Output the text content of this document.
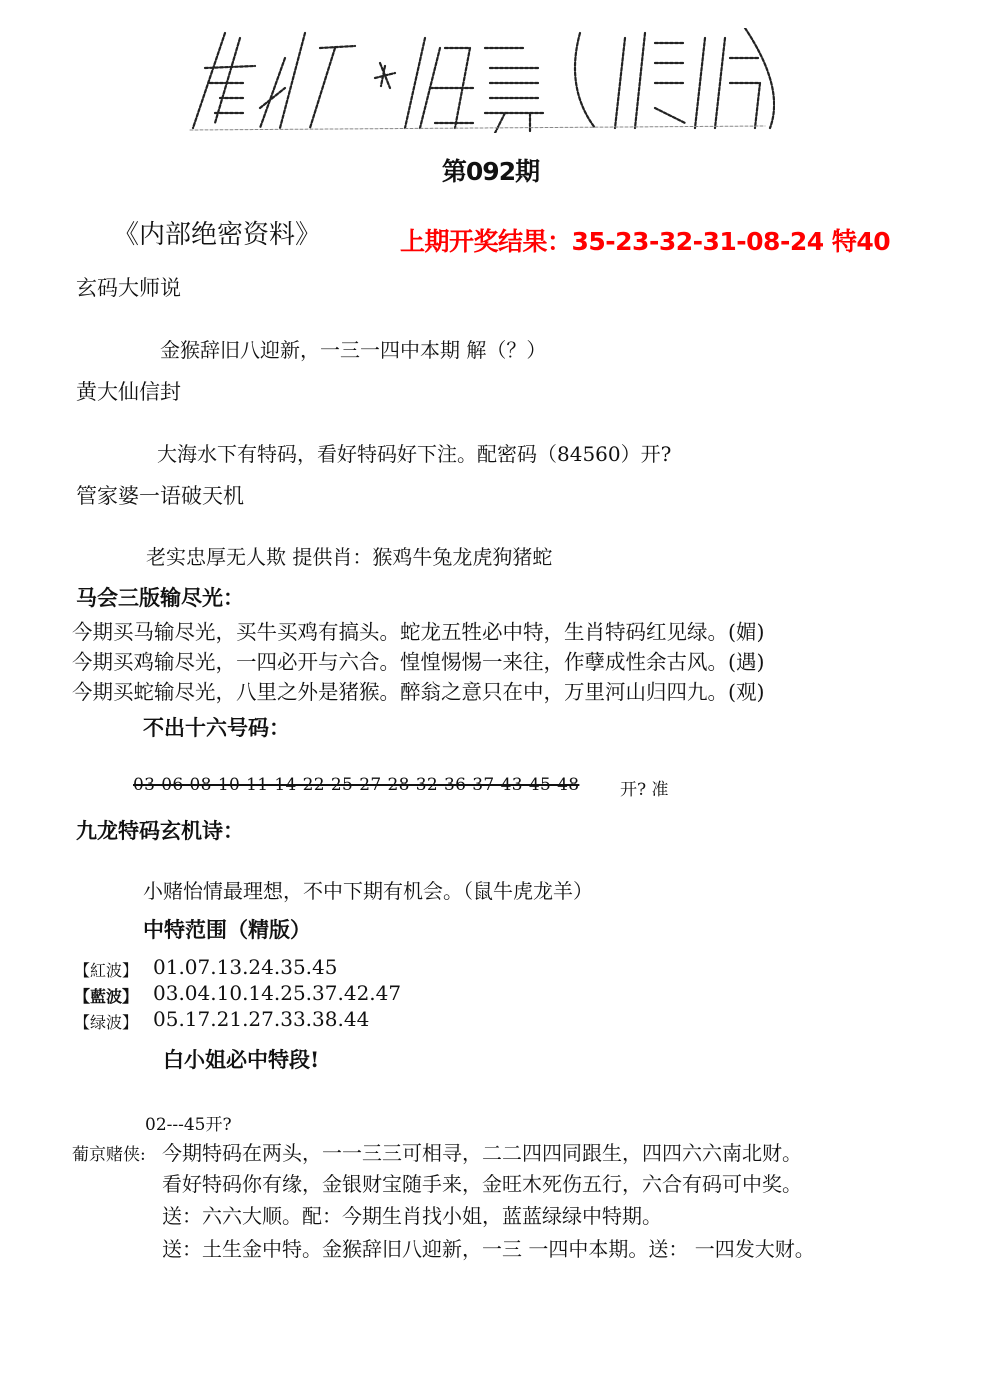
第092期
《内部绝密资料》	上期开奖结果：35-23-32-31-08-24 特40
玄码大师说
金猴辞旧八迎新，一三一四中本期 解（？）
黄大仙信封
大海水下有特码，看好特码好下注。配密码（84560）开?
管家婆一语破天机
老实忠厚无人欺 提供肖：猴鸡牛兔龙虎狗猪蛇
马会三版输尽光：
今期买马输尽光，买牛买鸡有搞头。蛇龙五牲必中特，生肖特码红见绿。(媚)
今期买鸡输尽光，一四必开与六合。惶惶惕惕一来往，作孽成性余古风。(遇)
今期买蛇输尽光，八里之外是猪猴。醉翁之意只在中，万里河山归四九。(观)
不出十六号码：
03-06-08-10-11-14-22-25-27-28-32-36-37-43-45-48 开? 准
九龙特码玄机诗：
小赌怡情最理想，不中下期有机会。（鼠牛虎龙羊）
中特范围（精版）
【紅波】 01.07.13.24.35.45
【藍波】 03.04.10.14.25.37.42.47
【绿波】 05.17.21.27.33.38.44
白小姐必中特段!
02---45开?
葡京赌侠: 今期特码在两头，一一三三可相寻，二二四四同跟生，四四六六南北财。
看好特码你有缘，金银财宝随手来，金旺木死伤五行，六合有码可中奖。
送：六六大顺。配：今期生肖找小姐，蓝蓝绿绿中特期。
送：土生金中特。金猴辞旧八迎新，一三 一四中本期。送： 一四发大财。
